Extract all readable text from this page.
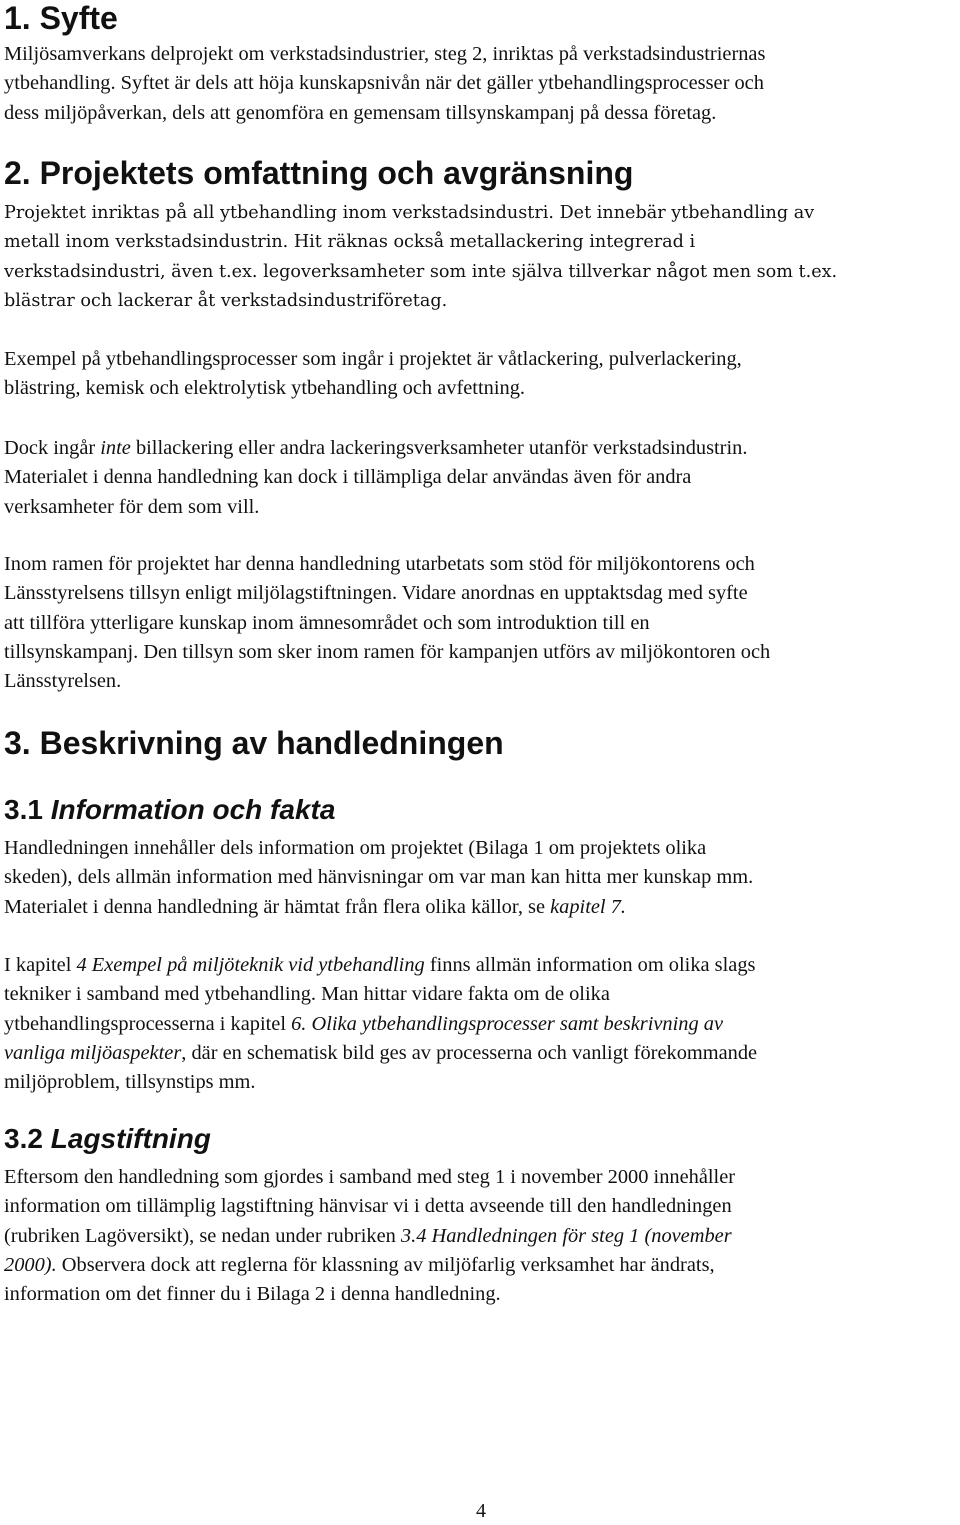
1. Syfte

Miljösamverkans delprojekt om verkstadsindustrier, steg 2, inriktas på verkstadsindustriernas
ytbehandling. Syftet är dels att höja kunskapsnivån när det gäller ytbehandlingsprocesser och
dess miljöpåverkan, dels att genomföra en gemensam tillsynskampanj på dessa företag.

2. Projektets omfattning och avgränsning

Projektet inriktas på all ytbehandling inom verkstadsindustri. Det innebär ytbehandling av
metall inom verkstadsindustrin. Hit räknas också metallackering integrerad i
verkstadsindustri, även t.ex. legoverksamheter som inte själva tillverkar något men som t.ex.
blästrar och lackerar åt verkstadsindustriföretag.

Exempel på ytbehandlingsprocesser som ingår i projektet är våtlackering, pulverlackering,
blästring, kemisk och elektrolytisk ytbehandling och avfettning.

Dock ingår inte billackering eller andra lackeringsverksamheter utanför verkstadsindustrin.
Materialet i denna handledning kan dock i tillämpliga delar användas även för andra
verksamheter för dem som vill.

Inom ramen för projektet har denna handledning utarbetats som stöd för miljökontorens och
Länsstyrelsens tillsyn enligt miljölagstiftningen. Vidare anordnas en upptaktsdag med syfte
att tillföra ytterligare kunskap inom ämnesområdet och som introduktion till en
tillsynskampanj. Den tillsyn som sker inom ramen för kampanjen utförs av miljökontoren och
Länsstyrelsen.

3. Beskrivning av handledningen
3.1 Information och fakta

Handledningen innehåller dels information om projektet (Bilaga 1 om projektets olika
skeden), dels allmän information med hänvisningar om var man kan hitta mer kunskap mm.
Materialet i denna handledning är hämtat från flera olika källor, se kapitel 7.

I kapitel 4 Exempel på miljöteknik vid ytbehandling finns allmän information om olika slags
tekniker i samband med ytbehandling. Man hittar vidare fakta om de olika
ytbehandlingsprocesserna i kapitel 6. Olika ytbehandlingsprocesser samt beskrivning av
vanliga miljöaspekter, där en schematisk bild ges av processerna och vanligt förekommande
miljöproblem, tillsynstips mm.

3.2 Lagstiftning

Eftersom den handledning som gjordes i samband med steg 1 i november 2000 innehåller
information om tillämplig lagstiftning hänvisar vi i detta avseende till den handledningen
(rubriken Lagöversikt), se nedan under rubriken 3.4 Handledningen för steg 1 (november
2000). Observera dock att reglerna för klassning av miljöfarlig verksamhet har ändrats,
information om det finner du i Bilaga 2 i denna handledning.

4
